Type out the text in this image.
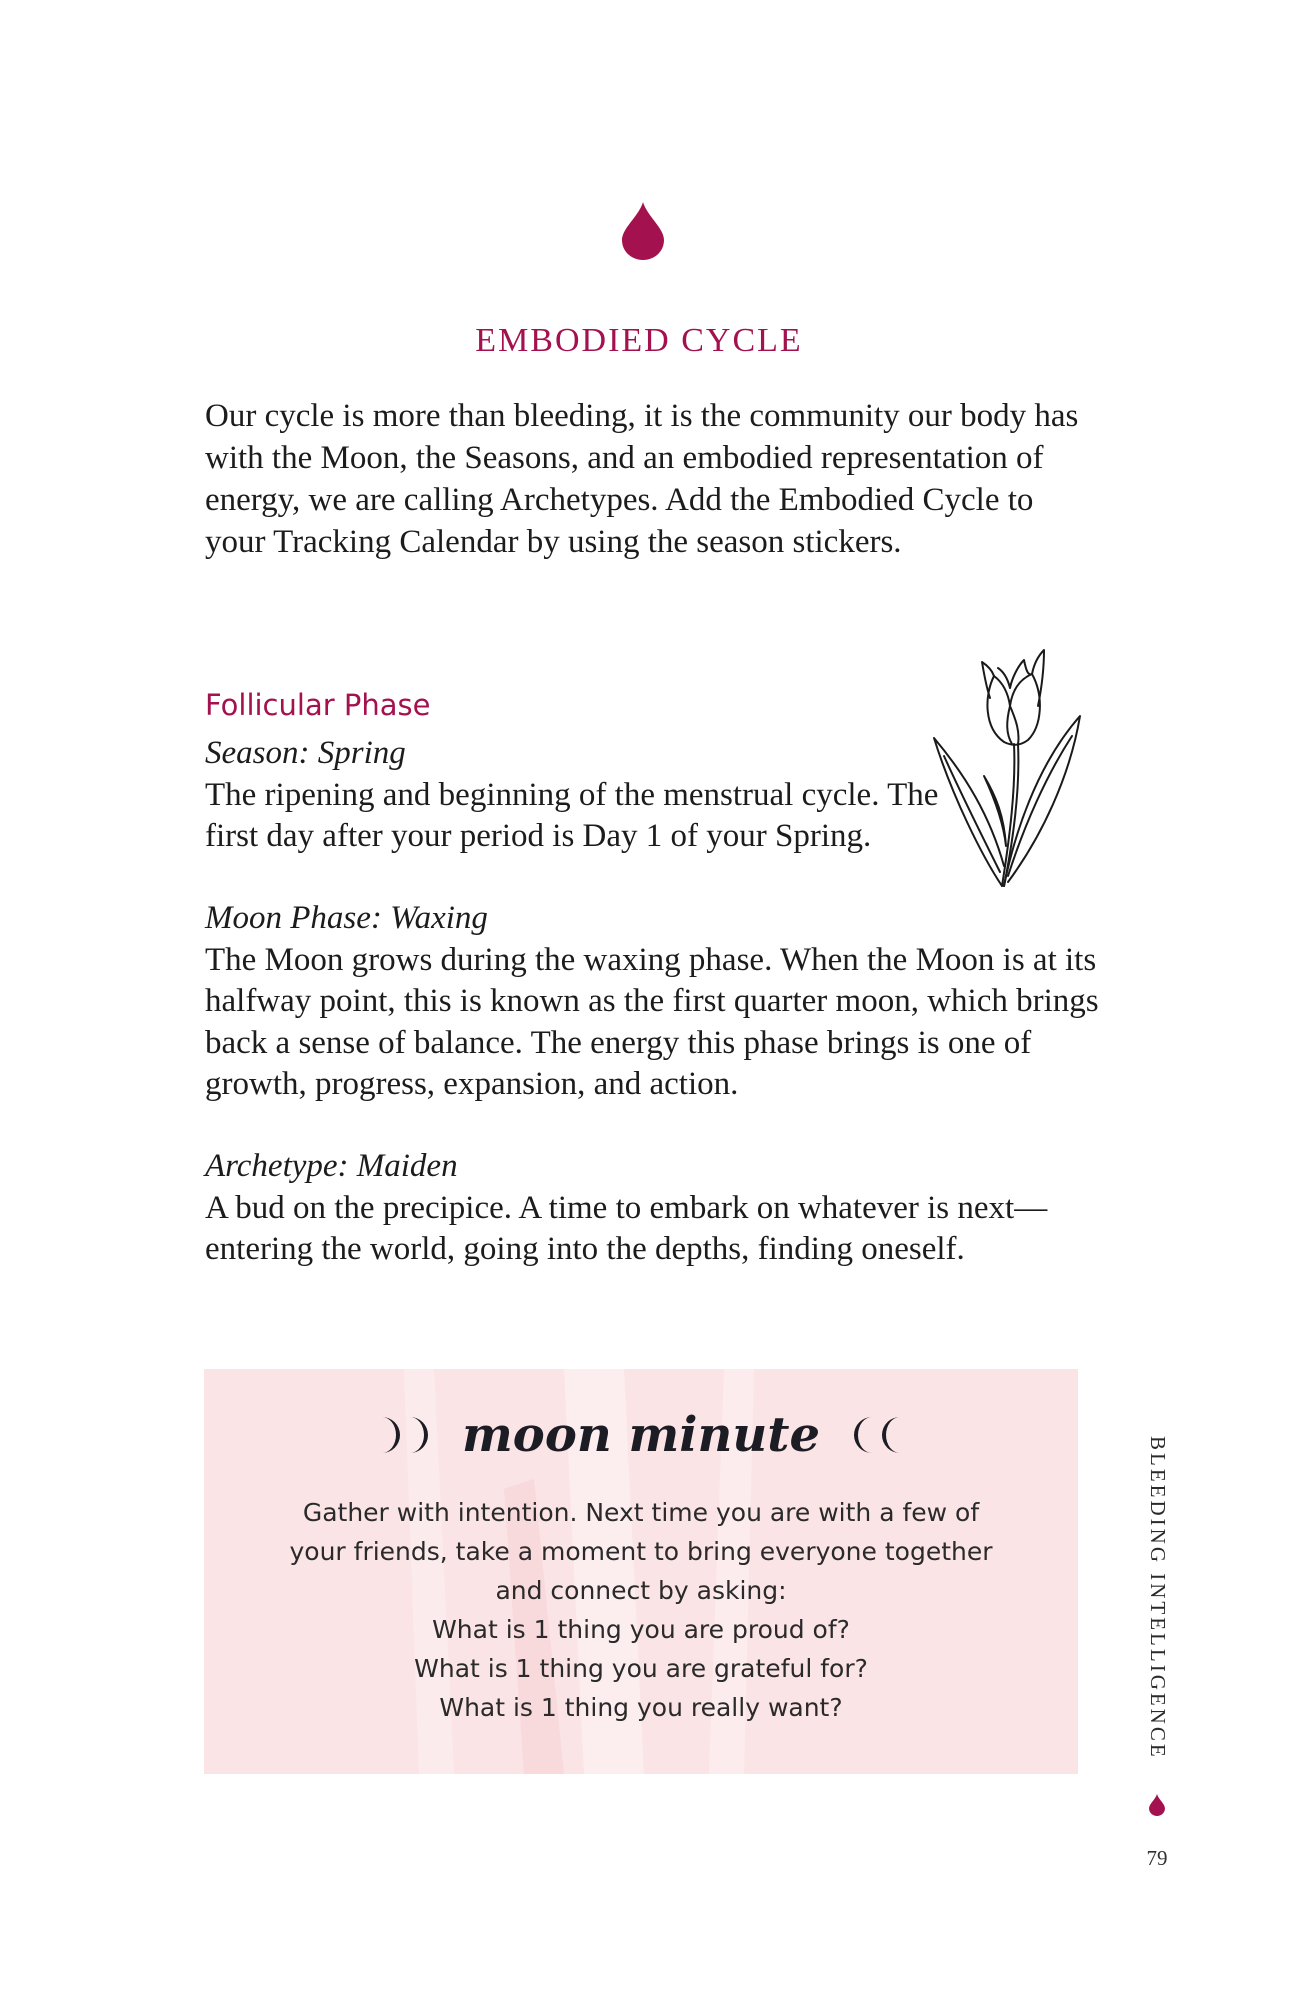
EMBODIED CYCLE
Our cycle is more than bleeding, it is the community our body has with the Moon, the Seasons, and an embodied representation of energy, we are calling Archetypes. Add the Embodied Cycle to your Tracking Calendar by using the season stickers.
Follicular Phase
Season: Spring
The ripening and beginning of the menstrual cycle. The first day after your period is Day 1 of your Spring.
Moon Phase: Waxing
The Moon grows during the waxing phase. When the Moon is at its halfway point, this is known as the first quarter moon, which brings back a sense of balance. The energy this phase brings is one of growth, progress, expansion, and action.
Archetype: Maiden
A bud on the precipice. A time to embark on whatever is next—entering the world, going into the depths, finding oneself.
moon minute
Gather with intention. Next time you are with a few of
your friends, take a moment to bring everyone together
and connect by asking:
What is 1 thing you are proud of?
What is 1 thing you are grateful for?
What is 1 thing you really want?	BLEEDING INTELLIGENCE
79
